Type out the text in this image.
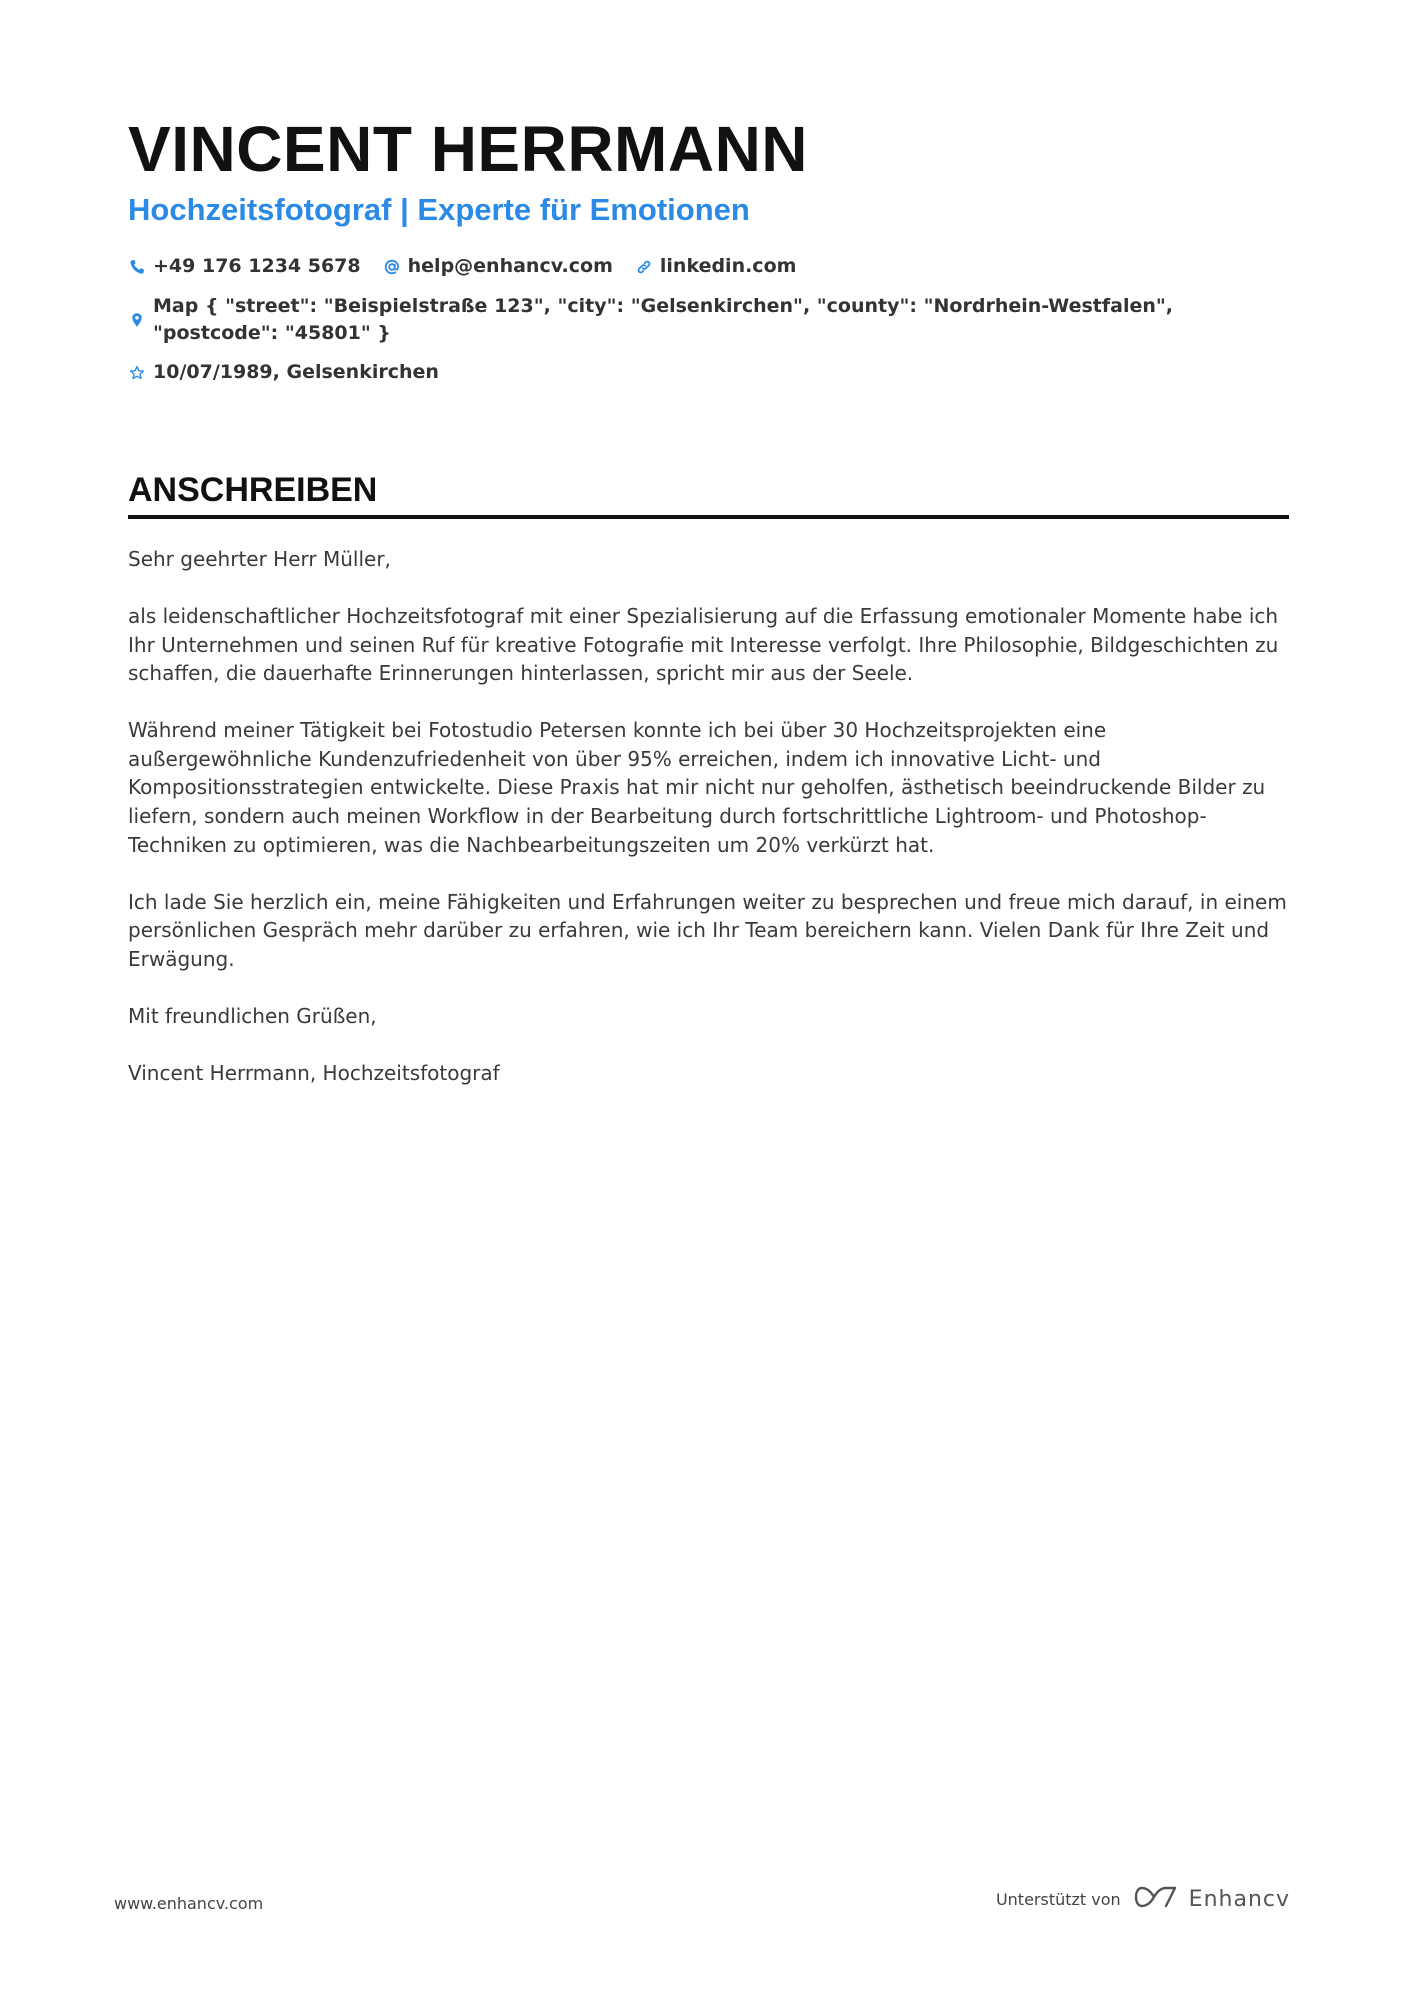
VINCENT HERRMANN
Hochzeitsfotograf | Experte für Emotionen
+49 176 1234 5678 help@enhancv.com linkedin.com
Map { "street": "Beispielstraße 123", "city": "Gelsenkirchen", "county": "Nordrhein-Westfalen", "postcode": "45801" }
10/07/1989, Gelsenkirchen
ANSCHREIBEN

Sehr geehrter Herr Müller,

als leidenschaftlicher Hochzeitsfotograf mit einer Spezialisierung auf die Erfassung emotionaler Momente habe ich Ihr Unternehmen und seinen Ruf für kreative Fotografie mit Interesse verfolgt. Ihre Philosophie, Bildgeschichten zu schaffen, die dauerhafte Erinnerungen hinterlassen, spricht mir aus der Seele.

Während meiner Tätigkeit bei Fotostudio Petersen konnte ich bei über 30 Hochzeitsprojekten eine außergewöhnliche Kundenzufriedenheit von über 95% erreichen, indem ich innovative Licht- und Kompositionsstrategien entwickelte. Diese Praxis hat mir nicht nur geholfen, ästhetisch beeindruckende Bilder zu liefern, sondern auch meinen Workflow in der Bearbeitung durch fortschrittliche Lightroom- und Photoshop-Techniken zu optimieren, was die Nachbearbeitungszeiten um 20% verkürzt hat.

Ich lade Sie herzlich ein, meine Fähigkeiten und Erfahrungen weiter zu besprechen und freue mich darauf, in einem persönlichen Gespräch mehr darüber zu erfahren, wie ich Ihr Team bereichern kann. Vielen Dank für Ihre Zeit und Erwägung.

Mit freundlichen Grüßen,

Vincent Herrmann, Hochzeitsfotograf

www.enhancv.com	Unterstützt von	Enhancv
